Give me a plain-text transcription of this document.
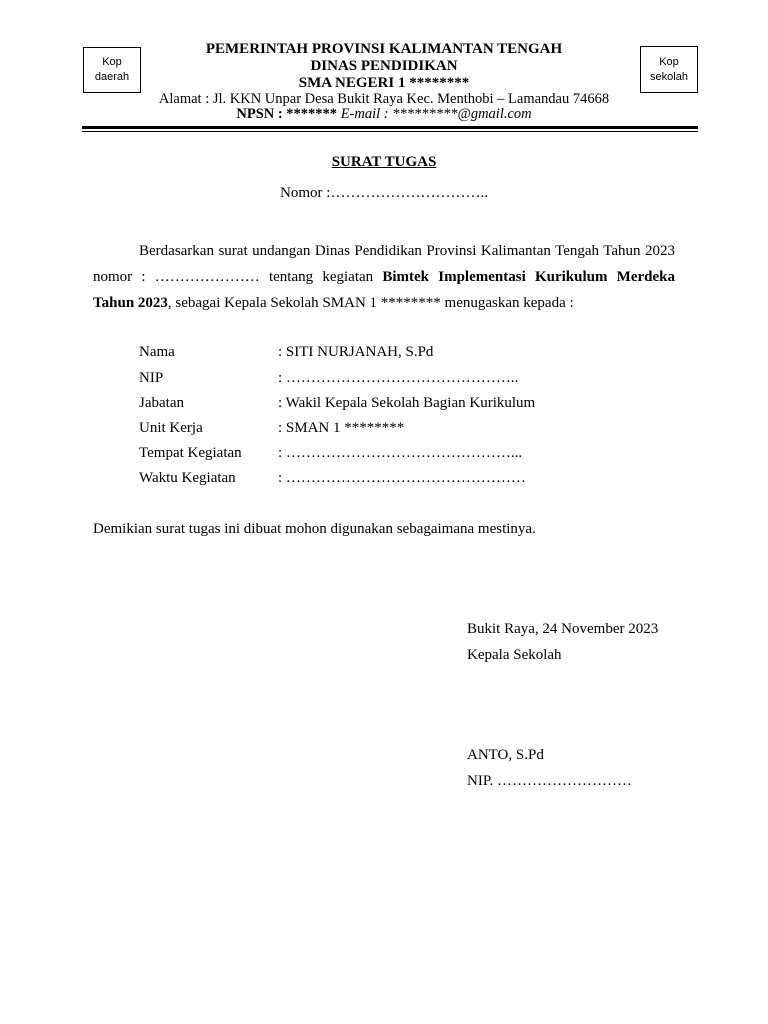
Kop
daerah
Kop
sekolah
PEMERINTAH PROVINSI KALIMANTAN TENGAH
DINAS PENDIDIKAN
SMA NEGERI 1 ********
Alamat : Jl. KKN Unpar Desa Bukit Raya Kec. Menthobi – Lamandau 74668
NPSN : ******* E-mail : *********@gmail.com
SURAT TUGAS
Nomor :…………………………..
Berdasarkan surat undangan Dinas Pendidikan Provinsi Kalimantan Tengah Tahun 2023 nomor : ………………… tentang kegiatan Bimtek Implementasi Kurikulum Merdeka Tahun 2023, sebagai Kepala Sekolah SMAN 1 ******** menugaskan kepada :
Nama	: SITI NURJANAH, S.Pd
NIP	: ………………………………………..
Jabatan	: Wakil Kepala Sekolah Bagian Kurikulum
Unit Kerja	: SMAN 1 ********
Tempat Kegiatan : ………………………………………...
Waktu Kegiatan	: …………………………………………
Demikian surat tugas ini dibuat mohon digunakan sebagaimana mestinya.
Bukit Raya, 24 November 2023
Kepala Sekolah
ANTO, S.Pd
NIP. ………………………
